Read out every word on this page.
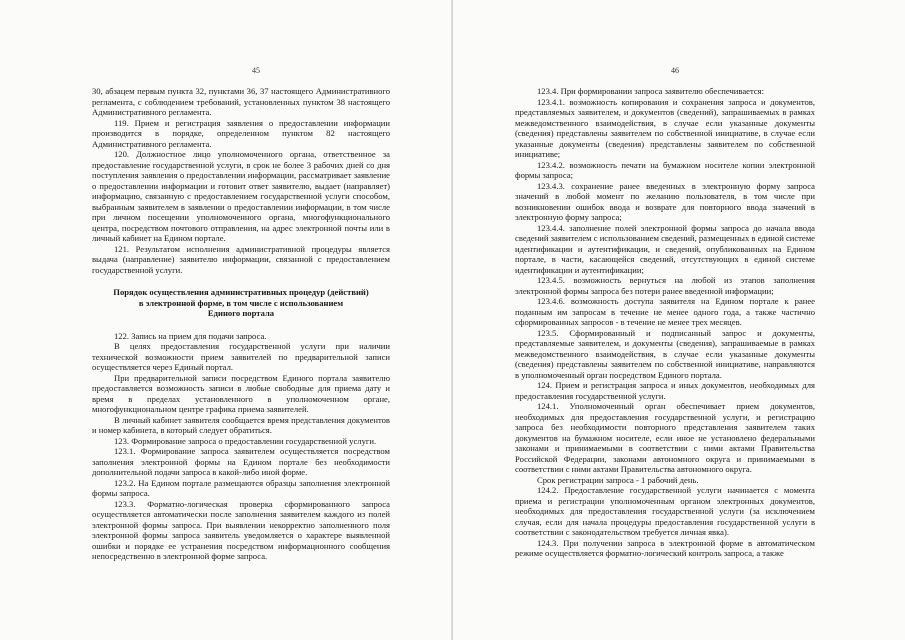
45

30, абзацем первым пункта 32, пунктами 36, 37 настоящего Административного регламента, с соблюдением требований, установленных пунктом 38 настоящего Административного регламента.

119. Прием и регистрация заявления о предоставлении информации производится в порядке, определенном пунктом 82 настоящего Административного регламента.

120. Должностное лицо уполномоченного органа, ответственное за предоставление государственной услуги, в срок не более 3 рабочих дней со дня поступления заявления о предоставлении информации, рассматривает заявление о предоставлении информации и готовит ответ заявителю, выдает (направляет) информацию, связанную с предоставлением государственной услуги способом, выбранным заявителем в заявлении о предоставлении информации, в том числе при личном посещении уполномоченного органа, многофункционального центра, посредством почтового отправления, на адрес электронной почты или в личный кабинет на Едином портале.

121. Результатом исполнения административной процедуры является выдача (направление) заявителю информации, связанной с предоставлением государственной услуги.

Порядок осуществления административных процедур (действий)
в электронной форме, в том числе с использованием
Единого портала

122. Запись на прием для подачи запроса.

В целях предоставления государственной услуги при наличии технической возможности прием заявителей по предварительной записи осуществляется через Единый портал.

При предварительной записи посредством Единого портала заявителю предоставляется возможность записи в любые свободные для приема дату и время в пределах установленного в уполномоченном органе, многофункциональном центре графика приема заявителей.

В личный кабинет заявителя сообщается время представления документов и номер кабинета, в который следует обратиться.

123. Формирование запроса о предоставлении государственной услуги.

123.1. Формирование запроса заявителем осуществляется посредством заполнения электронной формы на Едином портале без необходимости дополнительной подачи запроса в какой-либо иной форме.

123.2. На Едином портале размещаются образцы заполнения электронной формы запроса.

123.3. Форматно-логическая проверка сформированного запроса осуществляется автоматически после заполнения заявителем каждого из полей электронной формы запроса. При выявлении некорректно заполненного поля электронной формы запроса заявитель уведомляется о характере выявленной ошибки и порядке ее устранения посредством информационного сообщения непосредственно в электронной форме запроса.

46

123.4. При формировании запроса заявителю обеспечивается:

123.4.1. возможность копирования и сохранения запроса и документов, представляемых заявителем, и документов (сведений), запрашиваемых в рамках межведомственного взаимодействия, в случае если указанные документы (сведения) представлены заявителем по собственной инициативе, в случае если указанные документы (сведения) представлены заявителем по собственной инициативе;

123.4.2. возможность печати на бумажном носителе копии электронной формы запроса;

123.4.3. сохранение ранее введенных в электронную форму запроса значений в любой момент по желанию пользователя, в том числе при возникновении ошибок ввода и возврате для повторного ввода значений в электронную форму запроса;

123.4.4. заполнение полей электронной формы запроса до начала ввода сведений заявителем с использованием сведений, размещенных в единой системе идентификации и аутентификации, и сведений, опубликованных на Едином портале, в части, касающейся сведений, отсутствующих в единой системе идентификации и аутентификации;

123.4.5. возможность вернуться на любой из этапов заполнения электронной формы запроса без потери ранее введенной информации;

123.4.6. возможность доступа заявителя на Едином портале к ранее поданным им запросам в течение не менее одного года, а также частично сформированных запросов - в течение не менее трех месяцев.

123.5. Сформированный и подписанный запрос и документы, представляемые заявителем, и документы (сведения), запрашиваемые в рамках межведомственного взаимодействия, в случае если указанные документы (сведения) представлены заявителем по собственной инициативе, направляются в уполномоченный орган посредством Единого портала.

124. Прием и регистрация запроса и иных документов, необходимых для предоставления государственной услуги.

124.1. Уполномоченный орган обеспечивает прием документов, необходимых для предоставления государственной услуги, и регистрацию запроса без необходимости повторного представления заявителем таких документов на бумажном носителе, если иное не установлено федеральными законами и принимаемыми в соответствии с ними актами Правительства Российской Федерации, законами автономного округа и принимаемыми в соответствии с ними актами Правительства автономного округа.

Срок регистрации запроса - 1 рабочий день.

124.2. Предоставление государственной услуги начинается с момента приема и регистрации уполномоченным органом электронных документов, необходимых для предоставления государственной услуги (за исключением случая, если для начала процедуры предоставления государственной услуги в соответствии с законодательством требуется личная явка).

124.3. При получении запроса в электронной форме в автоматическом режиме осуществляется форматно-логический контроль запроса, а также
